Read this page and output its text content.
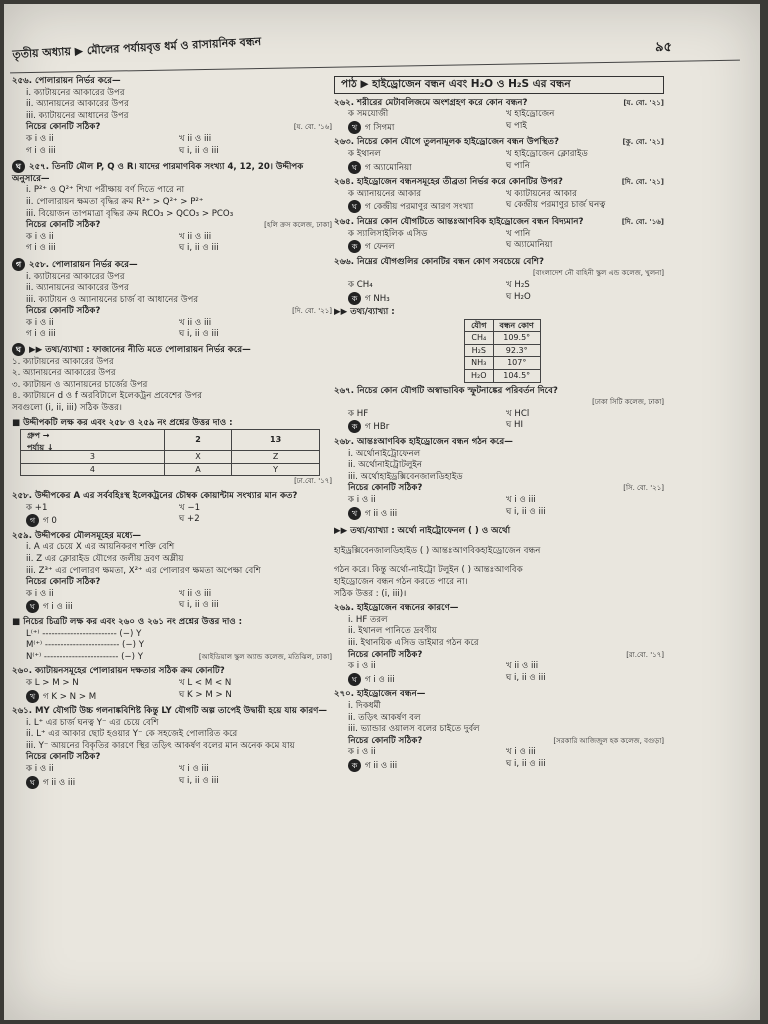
তৃতীয় অধ্যায় ▶ মৌলের পর্যায়বৃত্ত ধর্ম ও রাসায়নিক বন্ধন	৯৫
২৫৬. পোলারায়ন নির্ভর করে—
i. ক্যাটায়নের আকারের উপর
ii. অ্যানায়নের আকারের উপর
iii. ক্যাটায়নের আধানের উপর
নিচের কোনটি সঠিক?	[য. বো. '১৬]
ক i ও ii	খ ii ও iii
গ i ও iii	ঘ i, ii ও iii
ঘ ২৫৭. তিনটি মৌল P, Q ও R। যাদের পারমাণবিক সংখ্যা 4, 12, 20। উদ্দীপক অনুসারে—
i. P²⁺ ও Q²⁺ শিখা পরীক্ষায় বর্ণ দিতে পারে না
ii. পোলারায়ন ক্ষমতা বৃদ্ধির ক্রম R²⁺ > Q²⁺ > P²⁺
iii. বিয়োজন তাপমাত্রা বৃদ্ধির ক্রম RCO₃ > QCO₃ > PCO₃
নিচের কোনটি সঠিক?	[হলি ক্রস কলেজ, ঢাকা]
ক i ও ii	খ ii ও iii
গ i ও iii	ঘ i, ii ও iii
গ ২৫৮. পোলারায়ন নির্ভর করে—
i. ক্যাটায়নের আকারের উপর
ii. অ্যানায়নের আকারের উপর
iii. ক্যাটায়ন ও অ্যানায়নের চার্জ বা আধানের উপর
নিচের কোনটি সঠিক?	[দি. বো. '২১]
ক i ও ii	খ ii ও iii
গ i ও iii	ঘ i, ii ও iii
ঘ ▶▶ তথ্য/ব্যাখ্যা : ফাজানের নীতি মতে পোলারায়ন নির্ভর করে—
১. ক্যাটায়নের আকারের উপর
২. অ্যানায়নের আকারের উপর
৩. ক্যাটায়ন ও অ্যানায়নের চার্জের উপর
৪. ক্যাটায়নে d ও f অরবিটালে ইলেকট্রন প্রবেশের উপর
সবগুলো (i, ii, iii) সঠিক উত্তর।
■ উদ্দীপকটি লক্ষ কর এবং ২৫৮ ও ২৫৯ নং প্রশ্নের উত্তর দাও :
গ্রুপ →
পর্যায় ↓	2	13
3	X	Z
4	A	Y
[ঢা.বো. '১৭]

২৫৮. উদ্দীপকের A এর সর্ববহিঃস্থ ইলেকট্রনের চৌম্বক কোয়ান্টাম সংখ্যার মান কত?
ক +1	খ −1
গ গ 0	ঘ +2
২৫৯. উদ্দীপকের মৌলসমূহের মধ্যে—
i. A এর চেয়ে X এর আয়নিকরণ শক্তি বেশি
ii. Z এর ক্লোরাইড যৌগের জলীয় দ্রবণ অম্লীয়
iii. Z³⁺ এর পোলারণ ক্ষমতা, X²⁺ এর পোলারণ ক্ষমতা অপেক্ষা বেশি
নিচের কোনটি সঠিক?
ক i ও ii	খ ii ও iii
ঘ গ i ও iii	ঘ i, ii ও iii
■ নিচের চিত্রটি লক্ষ কর এবং ২৬০ ও ২৬১ নং প্রশ্নের উত্তর দাও :
L⁽⁺⁾ ------------------------ (−) Y
M⁽⁺⁾ ------------------------ (−) Y
N⁽⁺⁾ ------------------------ (−) Y	[আইডিয়াল স্কুল অ্যান্ড কলেজ, মতিঝিল, ঢাকা]
২৬০. ক্যাটায়নসমূহের পোলারায়ন দক্ষতার সঠিক ক্রম কোনটি?
ক L > M > N	খ L < M < N
খ গ K > N > M	ঘ K > M > N
২৬১. MY যৌগটি উচ্চ গলনাঙ্কবিশিষ্ট কিন্তু LY যৌগটি অল্প তাপেই উদ্বায়ী হয়ে যায় কারণ—
i. L⁺ এর চার্জ ঘনত্ব Y⁻ এর চেয়ে বেশি
ii. L⁺ এর আকার ছোট হওয়ার Y⁻ কে সহজেই পোলারিত করে
iii. Y⁻ আয়নের বিকৃতির কারণে স্থির তড়িৎ আকর্ষণ বলের মান অনেক কমে যায়
নিচের কোনটি সঠিক?
ক i ও ii	খ i ও iii
ঘ গ ii ও iii	ঘ i, ii ও iii
পাঠ ▶ হাইড্রোজেন বন্ধন এবং H₂O ও H₂S এর বন্ধন
২৬২. শরীরের মেটাবলিজমে অংশগ্রহণ করে কোন বন্ধন?	[য. বো. '২১]
ক সমযোজী	খ হাইড্রোজেন
খ গ সিগমা	ঘ পাই
২৬৩. নিচের কোন যৌগে তুলনামূলক হাইড্রোজেন বন্ধন উপস্থিত?	[কু. বো. '২১]
ক ইথানল	খ হাইড্রোজেন ক্লোরাইড
ঘ গ অ্যামোনিয়া	ঘ পানি
২৬৪. হাইড্রোজেন বন্ধনসমূহের তীব্রতা নির্ভর করে কোনটির উপর?	[দি. বো. '২১]
ক অ্যানায়নের আকার	খ ক্যাটায়নের আকার
ঘ গ কেন্দ্রীয় পরমাণুর আরণ সংখ্যা	ঘ কেন্দ্রীয় পরমাণুর চার্জ ঘনত্ব
২৬৫. নিম্নের কোন যৌগটিতে আন্তঃআণবিক হাইড্রোজেন বন্ধন বিদ্যমান?	[দি. বো. '১৬]
ক স্যালিসাইলিক এসিড	খ পানি
ক গ ফেনল	ঘ অ্যামোনিয়া
২৬৬. নিম্নের যৌগগুলির কোনটির বন্ধন কোণ সবচেয়ে বেশি?
[বাংলাদেশ নৌ বাহিনী স্কুল এন্ড কলেজ, খুলনা]

ক CH₄	খ H₂S
ক গ NH₃	ঘ H₂O
▶▶ তথ্য/ব্যাখ্যা :
যৌগ	বন্ধন কোণ
CH₄	109.5°
H₂S	92.3°
NH₃	107°
H₂O	104.5°
২৬৭. নিচের কোন যৌগটি অস্বাভাবিক স্ফুটনাঙ্কের পরিবর্তন দিবে?
[ঢাকা সিটি কলেজ, ঢাকা]

ক HF	খ HCl
ক গ HBr	ঘ HI
২৬৮. আন্তঃআণবিক হাইড্রোজেন বন্ধন গঠন করে—
i. অর্থোনাইট্রোফেনল
ii. অর্থোনাইট্রোটলুইন
iii. অর্থোহাইড্রক্সিবেনজালডিহাইড
নিচের কোনটি সঠিক?	[সি. বো. '২১]
ক i ও ii	খ i ও iii
খ গ ii ও iii	ঘ i, ii ও iii
▶▶ তথ্য/ব্যাখ্যা : অর্থো নাইট্রোফেনল ( ) ও অর্থো
হাইড্রক্সিবেনজালডিহাইড ( ) আন্তঃআণবিকহাইড্রোজেন বন্ধন
গঠন করে। কিন্তু অর্থো-নাইট্রো টলুইন ( ) আন্তঃআণবিক
হাইড্রোজেন বন্ধন গঠন করতে পারে না।
সঠিক উত্তর : (i, iii)।
২৬৯. হাইড্রোজেন বন্ধনের কারণে—
i. HF তরল
ii. ইথানল পানিতে দ্রবণীয়
iii. ইথানয়িক এসিড ডাইমার গঠন করে
নিচের কোনটি সঠিক?	[রা.বো. '১৭]
ক i ও ii	খ ii ও iii
ঘ গ i ও iii	ঘ i, ii ও iii
২৭০. হাইড্রোজেন বন্ধন—
i. দিকধর্মী
ii. তড়িৎ আকর্ষণ বল
iii. ভ্যান্ডার ওয়ালস বলের চাইতে দুর্বল
নিচের কোনটি সঠিক?	[সরকারি আজিজুল হক কলেজ, বগুড়া]
ক i ও ii	খ i ও iii
ক গ ii ও iii	ঘ i, ii ও iii
